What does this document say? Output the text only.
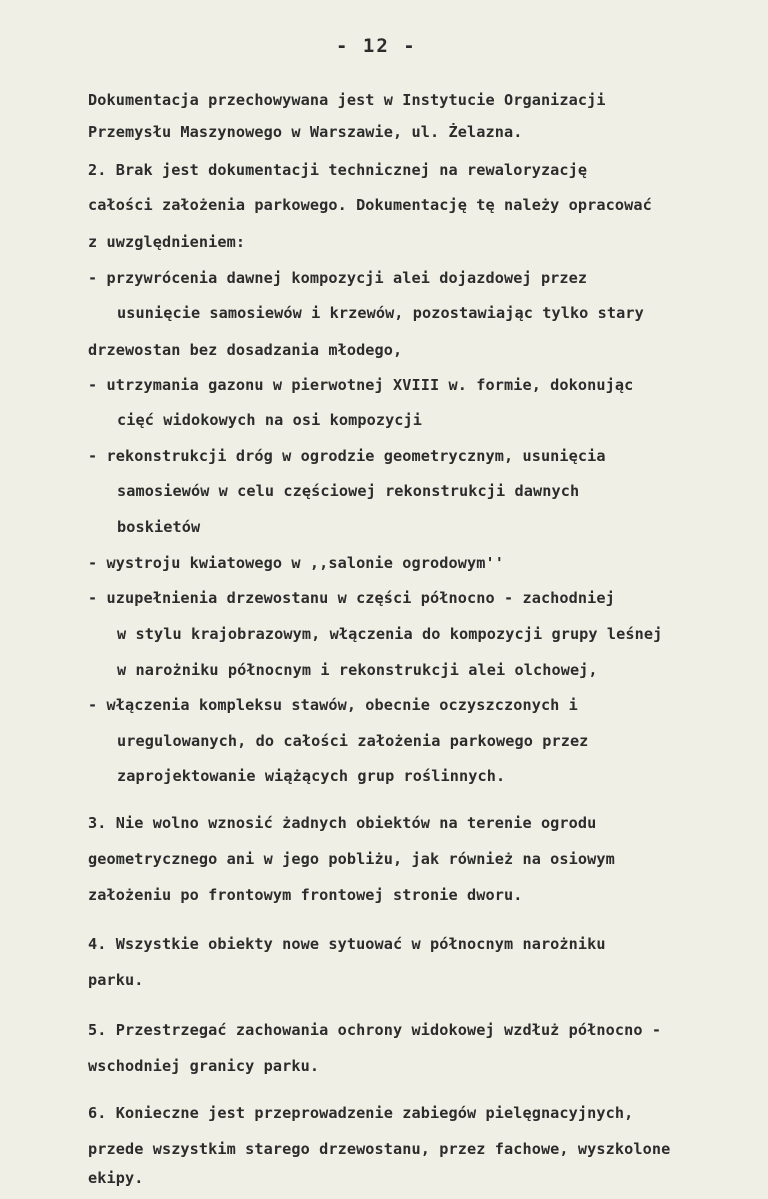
- 12 -
Dokumentacja przechowywana jest w Instytucie Organizacji
Przemysłu Maszynowego w Warszawie, ul. Żelazna.
2. Brak jest dokumentacji technicznej na rewaloryzację
całości założenia parkowego. Dokumentację tę należy opracować
z uwzględnieniem:
- przywrócenia dawnej kompozycji alei dojazdowej przez
usunięcie samosiewów i krzewów, pozostawiając tylko stary
drzewostan bez dosadzania młodego,
- utrzymania gazonu w pierwotnej XVIII w. formie, dokonując
cięć widokowych na osi kompozycji
- rekonstrukcji dróg w ogrodzie geometrycznym, usunięcia
samosiewów w celu częściowej rekonstrukcji dawnych
boskietów
- wystroju kwiatowego w ,,salonie ogrodowym''
- uzupełnienia drzewostanu w części północno - zachodniej
w stylu krajobrazowym, włączenia do kompozycji grupy leśnej
w narożniku północnym i rekonstrukcji alei olchowej,
- włączenia kompleksu stawów, obecnie oczyszczonych i
uregulowanych, do całości założenia parkowego przez
zaprojektowanie wiążących grup roślinnych.
3. Nie wolno wznosić żadnych obiektów na terenie ogrodu
geometrycznego ani w jego pobliżu, jak również na osiowym
założeniu po frontowym frontowej stronie dworu.
4. Wszystkie obiekty nowe sytuować w północnym narożniku
parku.
5. Przestrzegać zachowania ochrony widokowej wzdłuż północno -
wschodniej granicy parku.
6. Konieczne jest przeprowadzenie zabiegów pielęgnacyjnych,
przede wszystkim starego drzewostanu, przez fachowe, wyszkolone
ekipy.
